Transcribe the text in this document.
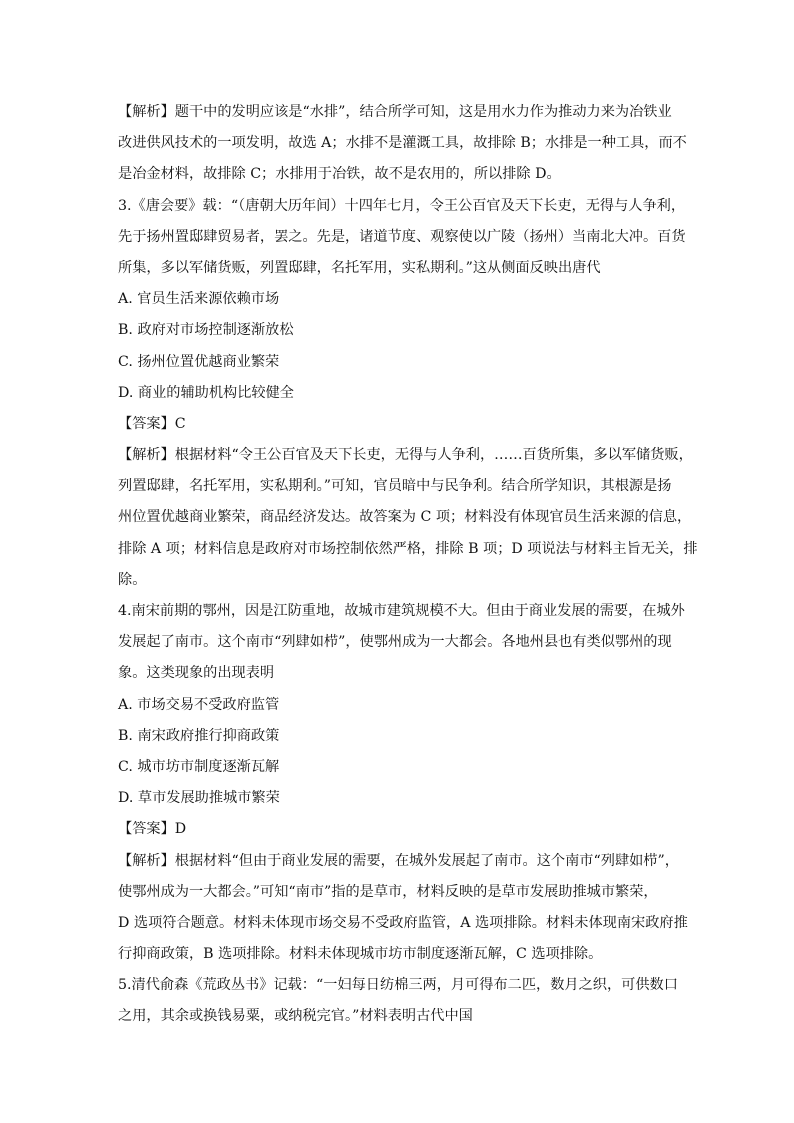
【解析】题干中的发明应该是“水排”，结合所学可知，这是用水力作为推动力来为冶铁业
改进供风技术的一项发明，故选 A；水排不是灌溉工具，故排除 B；水排是一种工具，而不
是冶金材料，故排除 C；水排用于冶铁，故不是农用的，所以排除 D。
3.《唐会要》载：“（唐朝大历年间）十四年七月，令王公百官及天下长吏，无得与人争利，
先于扬州置邸肆贸易者，罢之。先是，诸道节度、观察使以广陵（扬州）当南北大冲。百货
所集，多以军储货贩，列置邸肆，名托军用，实私期利。”这从侧面反映出唐代
A. 官员生活来源依赖市场
B. 政府对市场控制逐渐放松
C. 扬州位置优越商业繁荣
D. 商业的辅助机构比较健全
【答案】C
【解析】根据材料“令王公百官及天下长吏，无得与人争利，……百货所集，多以军储货贩，
列置邸肆，名托军用，实私期利。”可知，官员暗中与民争利。结合所学知识，其根源是扬
州位置优越商业繁荣，商品经济发达。故答案为 C 项；材料没有体现官员生活来源的信息，
排除 A 项；材料信息是政府对市场控制依然严格，排除 B 项；D 项说法与材料主旨无关，排
除。
4.南宋前期的鄂州，因是江防重地，故城市建筑规模不大。但由于商业发展的需要，在城外
发展起了南市。这个南市“列肆如栉”，使鄂州成为一大都会。各地州县也有类似鄂州的现
象。这类现象的出现表明
A. 市场交易不受政府监管
B. 南宋政府推行抑商政策
C. 城市坊市制度逐渐瓦解
D. 草市发展助推城市繁荣
【答案】D
【解析】根据材料“但由于商业发展的需要，在城外发展起了南市。这个南市“列肆如栉”，
使鄂州成为一大都会。”可知“南市”指的是草市，材料反映的是草市发展助推城市繁荣，
D 选项符合题意。材料未体现市场交易不受政府监管，A 选项排除。材料未体现南宋政府推
行抑商政策，B 选项排除。材料未体现城市坊市制度逐渐瓦解，C 选项排除。
5.清代俞森《荒政丛书》记载：“一妇每日纺棉三两，月可得布二匹，数月之织，可供数口
之用，其余或换钱易粟，或纳税完官。”材料表明古代中国
